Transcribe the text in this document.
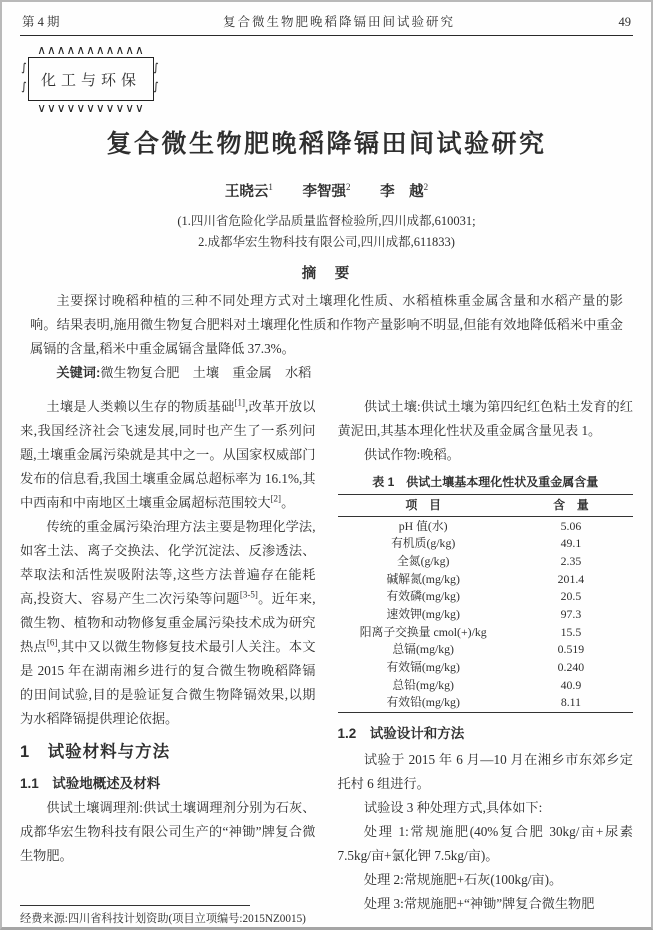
第 4 期	复合微生物肥晚稻降镉田间试验研究	49
∧∧∧∧∧∧∧∧∧∧∧
∫∫ 化工与环保
∫∫
∨∨∨∨∨∨∨∨∨∨∨
复合微生物肥晚稻降镉田间试验研究
王晓云$^1$ 李智强$^2$ 李　越$^2$
(1.四川省危险化学品质量监督检验所,四川成都,610031;
2.成都华宏生物科技有限公司,四川成都,611833)
摘　要

主要探讨晚稻种植的三种不同处理方式对土壤理化性质、水稻植株重金属含量和水稻产量的影响。结果表明,施用微生物复合肥料对土壤理化性质和作物产量影响不明显,但能有效地降低稻米中重金属镉的含量,稻米中重金属镉含量降低 37.3%。

关键词:微生物复合肥　土壤　重金属　水稻

土壤是人类赖以生存的物质基础[1],改革开放以来,我国经济社会飞速发展,同时也产生了一系列问题,土壤重金属污染就是其中之一。从国家权威部门发布的信息看,我国土壤重金属总超标率为 16.1%,其中西南和中南地区土壤重金属超标范围较大[2]。

传统的重金属污染治理方法主要是物理化学法,如客土法、离子交换法、化学沉淀法、反渗透法、萃取法和活性炭吸附法等,这些方法普遍存在能耗高,投资大、容易产生二次污染等问题[3-5]。近年来,微生物、植物和动物修复重金属污染技术成为研究热点[6],其中又以微生物修复技术最引人关注。本文是 2015 年在湖南湘乡进行的复合微生物晚稻降镉的田间试验,目的是验证复合微生物降镉效果,以期为水稻降镉提供理论依据。

1　试验材料与方法
1.1　试验地概述及材料

供试土壤调理剂:供试土壤调理剂分别为石灰、成都华宏生物科技有限公司生产的“神锄”牌复合微生物肥。

经费来源:四川省科技计划资助(项目立项编号:2015NZ0015)

供试土壤:供试土壤为第四纪红色粘土发育的红黄泥田,其基本理化性状及重金属含量见表 1。

供试作物:晚稻。

表 1　供试土壤基本理化性状及重金属含量
项　目	含　量
pH 值(水)	5.06
有机质(g/kg)	49.1
全氮(g/kg)	2.35
碱解氮(mg/kg)	201.4
有效磷(mg/kg)	20.5
速效钾(mg/kg)	97.3
阳离子交换量 cmol(+)/kg	15.5
总镉(mg/kg)	0.519
有效镉(mg/kg)	0.240
总铅(mg/kg)	40.9
有效铅(mg/kg)	8.11
1.2　试验设计和方法

试验于 2015 年 6 月—10 月在湘乡市东郊乡定托村 6 组进行。

试验设 3 种处理方式,具体如下:

处理 1:常规施肥(40%复合肥 30kg/亩+尿素 7.5kg/亩+氯化钾 7.5kg/亩)。

处理 2:常规施肥+石灰(100kg/亩)。

处理 3:常规施肥+“神锄”牌复合微生物肥
